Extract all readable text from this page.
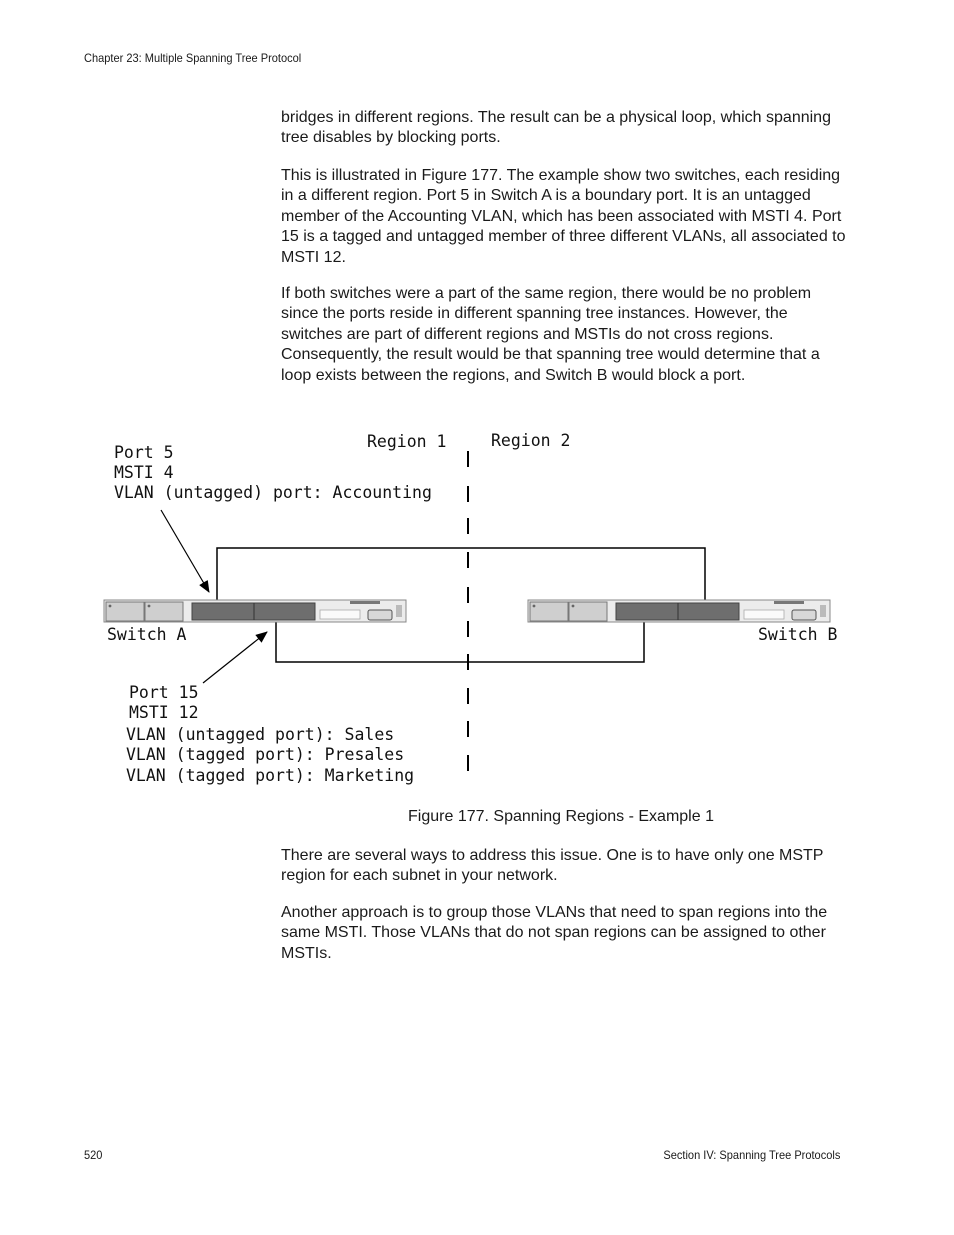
Chapter 23: Multiple Spanning Tree Protocol

bridges in different regions. The result can be a physical loop, which spanning tree disables by blocking ports.

This is illustrated in Figure 177. The example show two switches, each residing in a different region. Port 5 in Switch A is a boundary port. It is an untagged member of the Accounting VLAN, which has been associated with MSTI 4. Port 15 is a tagged and untagged member of three different VLANs, all associated to MSTI 12.

If both switches were a part of the same region, there would be no problem since the ports reside in different spanning tree instances. However, the switches are part of different regions and MSTIs do not cross regions. Consequently, the result would be that spanning tree would determine that a loop exists between the regions, and Switch B would block a port.

Region 1	Region 2
Port 5
MSTI 4
VLAN (untagged) port: Accounting
Switch A	Switch B
Port 15
MSTI 12
VLAN (untagged port): Sales
VLAN (tagged port): Presales
VLAN (tagged port): Marketing
Figure 177. Spanning Regions - Example 1

There are several ways to address this issue. One is to have only one MSTP region for each subnet in your network.

Another approach is to group those VLANs that need to span regions into the same MSTI. Those VLANs that do not span regions can be assigned to other MSTIs.

520	Section IV: Spanning Tree Protocols
